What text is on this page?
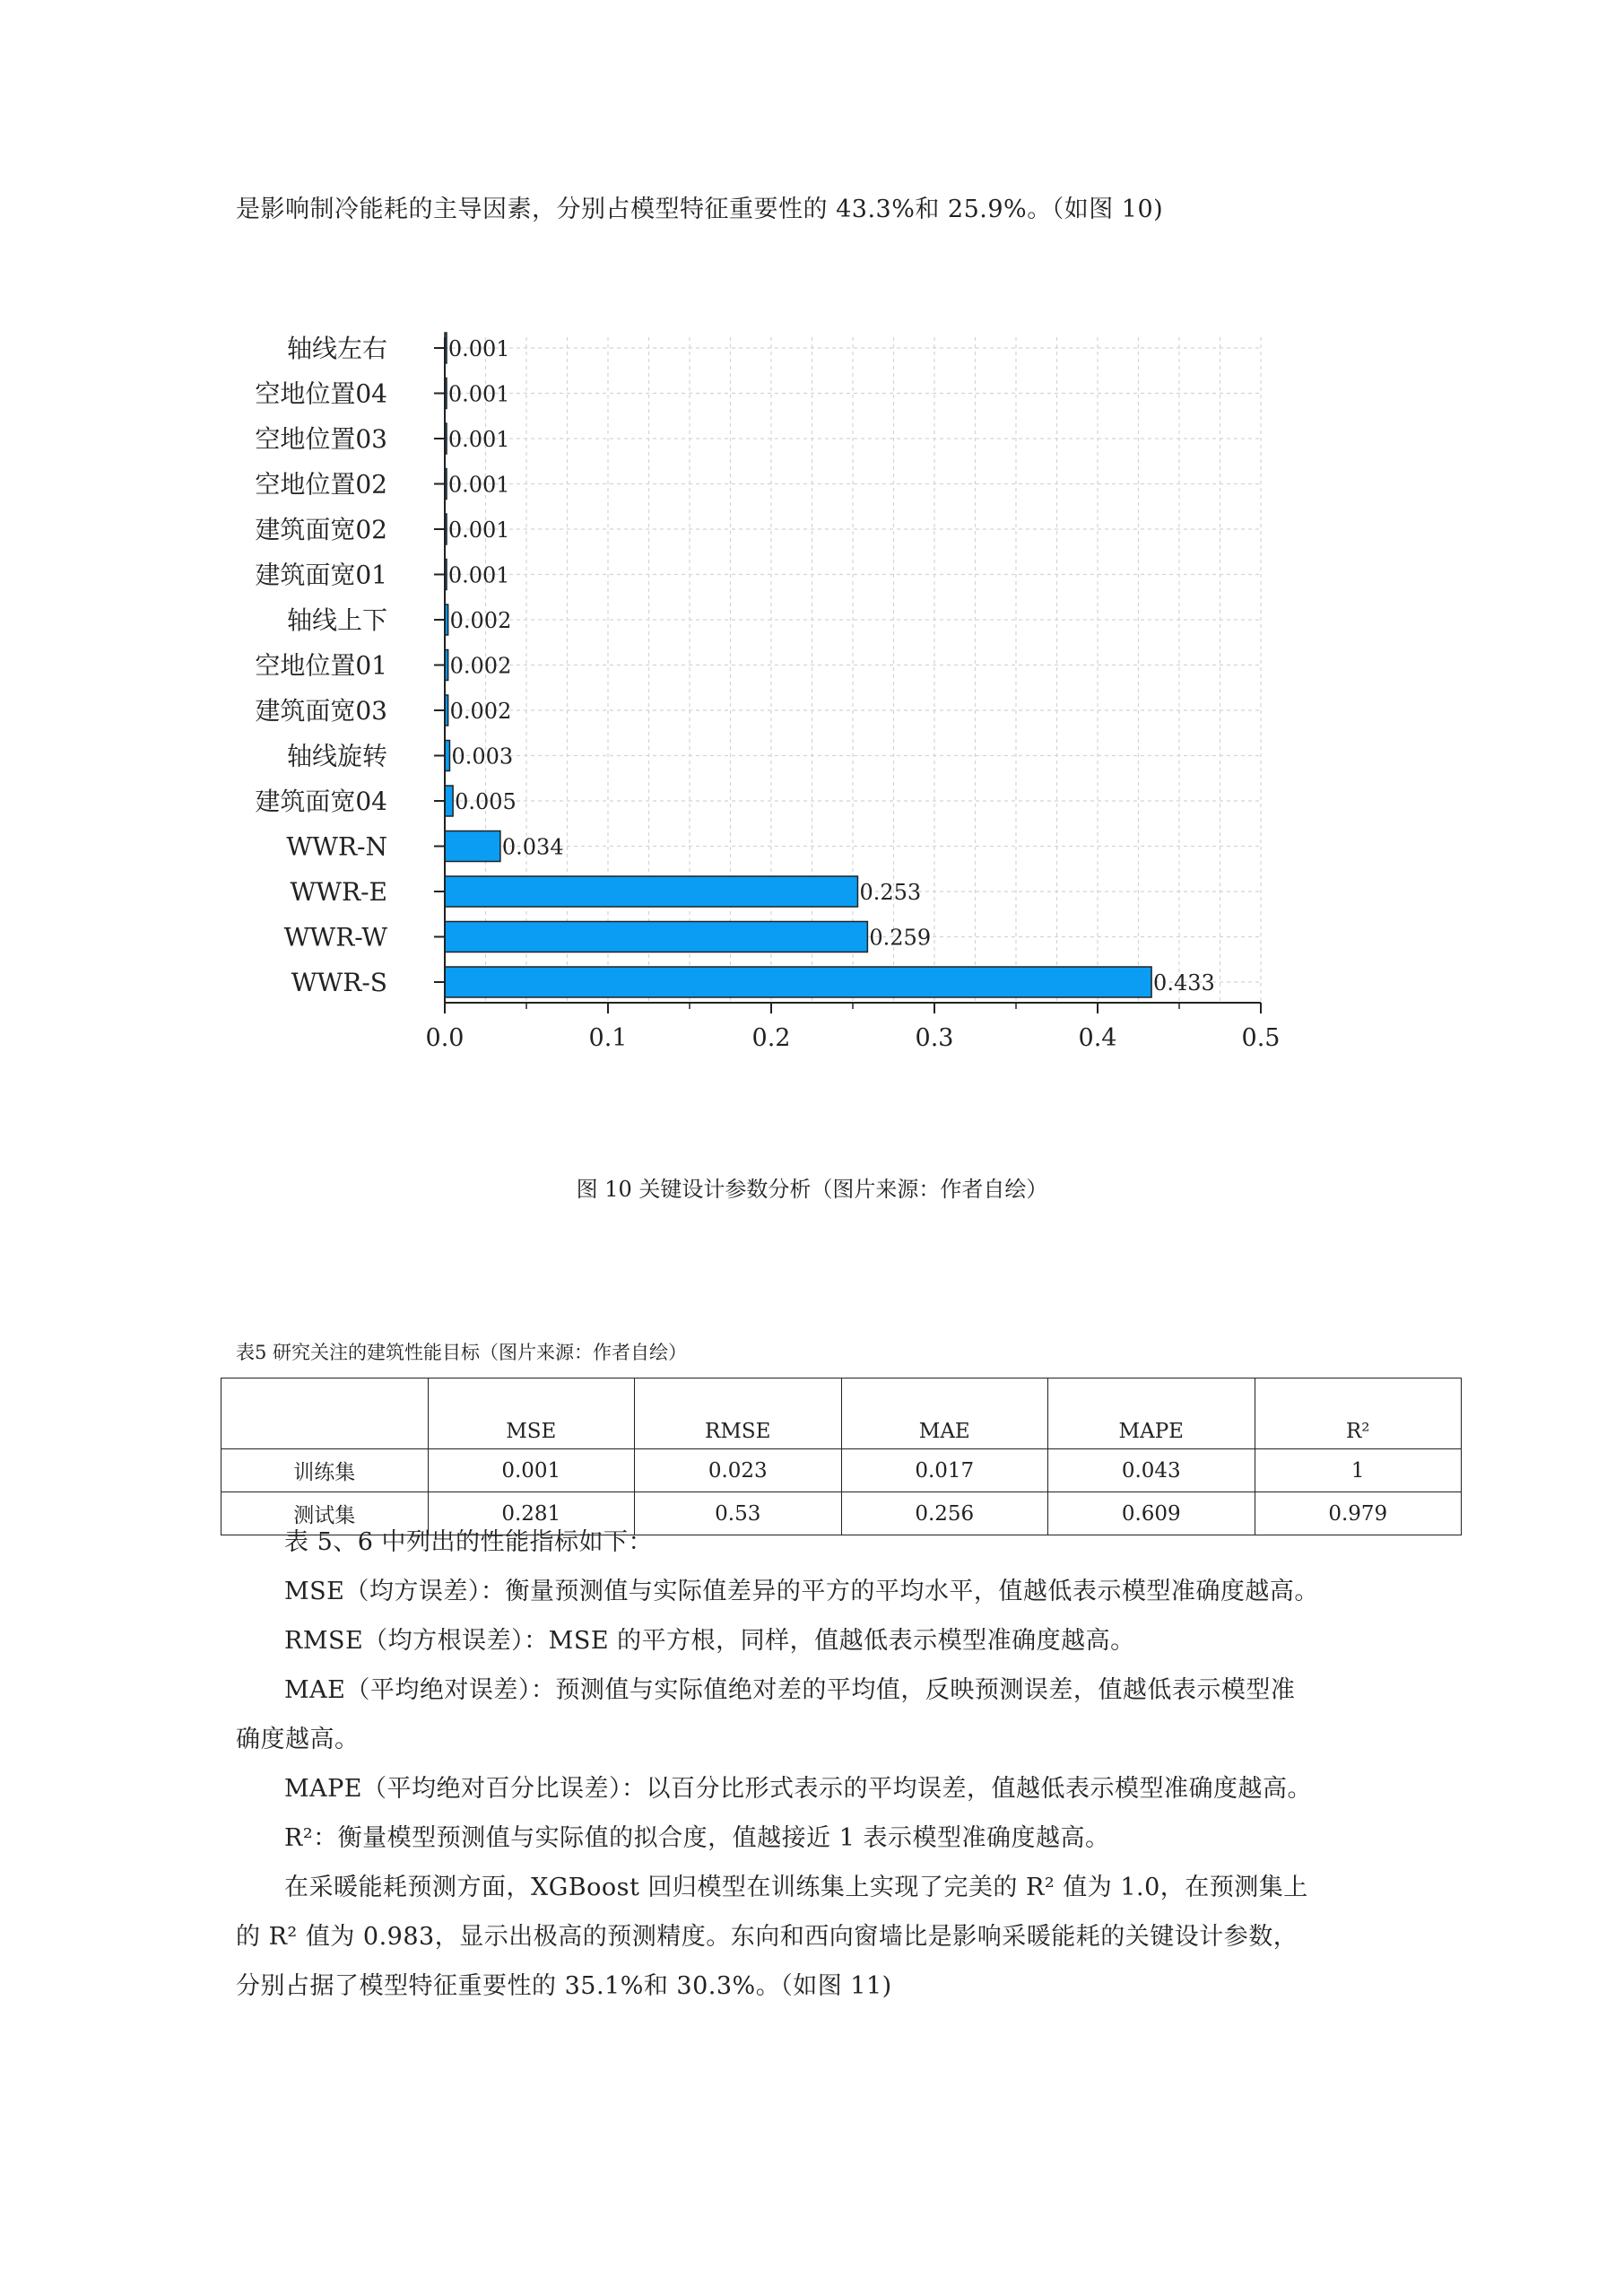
是影响制冷能耗的主导因素，分别占模型特征重要性的 43.3%和 25.9%。（如图 10)
轴线左右
空地位置04
空地位置03
空地位置02
建筑面宽02
建筑面宽01
轴线上下
空地位置01
建筑面宽03
轴线旋转
建筑面宽04
WWR-N
WWR-E
WWR-W
WWR-S
0.001
0.001
0.001
0.001
0.001
0.001
0.002
0.002
0.002
0.003
0.005
0.034
0.253
0.259
0.433
0.0	0.1	0.2	0.3	0.4	0.5
图 10 关键设计参数分析（图片来源：作者自绘）
表5 研究关注的建筑性能目标（图片来源：作者自绘）
	MSE	RMSE	MAE	MAPE	R²
训练集	0.001	0.023	0.017	0.043	1
测试集	0.281	0.53	0.256	0.609	0.979
表 5、6 中列出的性能指标如下：
MSE（均方误差）：衡量预测值与实际值差异的平方的平均水平，值越低表示模型准确度越高。
RMSE（均方根误差）：MSE 的平方根，同样，值越低表示模型准确度越高。
MAE（平均绝对误差）：预测值与实际值绝对差的平均值，反映预测误差，值越低表示模型准
确度越高。
MAPE（平均绝对百分比误差）：以百分比形式表示的平均误差，值越低表示模型准确度越高。
R²：衡量模型预测值与实际值的拟合度，值越接近 1 表示模型准确度越高。
在采暖能耗预测方面，XGBoost 回归模型在训练集上实现了完美的 R² 值为 1.0，在预测集上
的 R² 值为 0.983，显示出极高的预测精度。东向和西向窗墙比是影响采暖能耗的关键设计参数，
分别占据了模型特征重要性的 35.1%和 30.3%。（如图 11)
